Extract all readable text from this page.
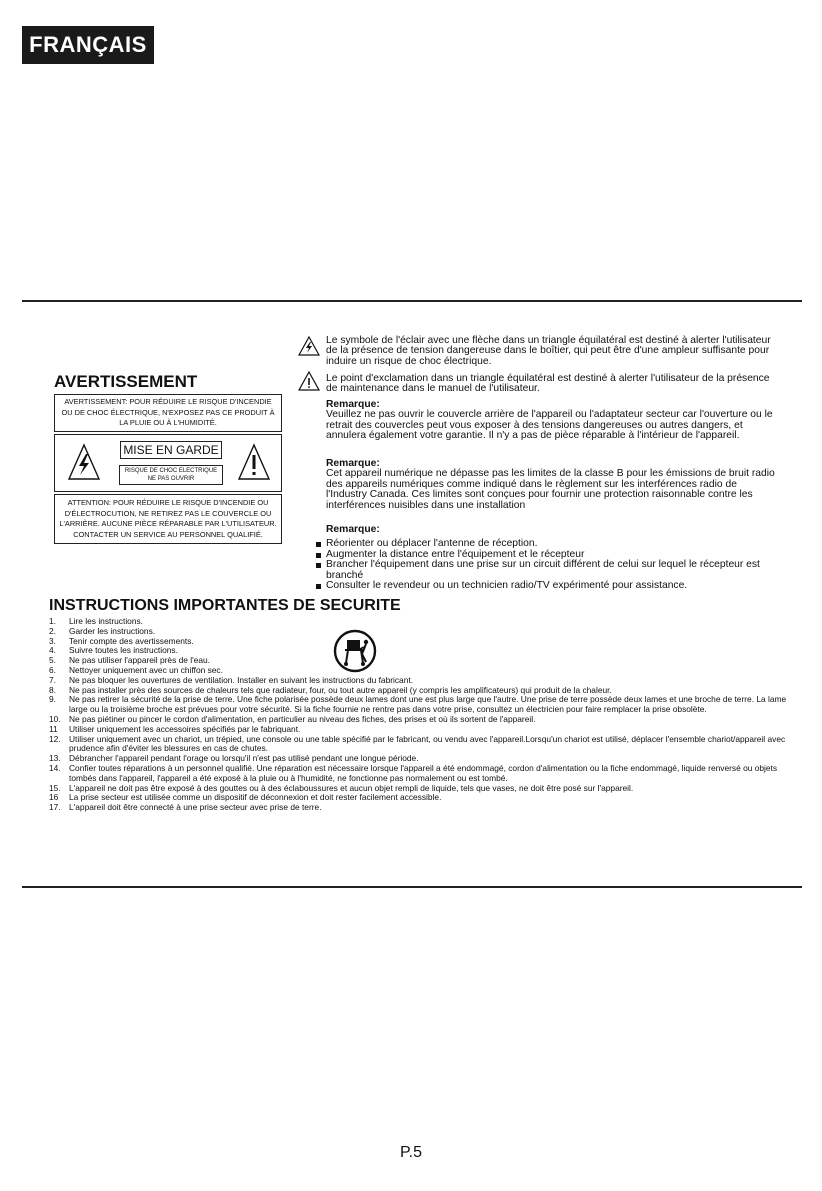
FRANÇAIS
Le symbole de l'éclair avec une flèche dans un triangle équilatéral est destiné à alerter l'utilisateur de la présence de tension dangereuse dans le boîtier, qui peut être d'une ampleur suffisante pour induire un risque de choc électrique.
Le point d'exclamation dans un triangle équilatéral est destiné à alerter l'utilisateur de la présence de maintenance dans le manuel de l'utilisateur.
Remarque:
Veuillez ne pas ouvrir le couvercle arrière de l'appareil ou l'adaptateur secteur car l'ouverture ou le retrait des couvercles peut vous exposer à des tensions dangereuses ou autres dangers, et annulera également votre garantie. Il n'y a pas de pièce réparable à l'intérieur de l'appareil.
Remarque:
Cet appareil numérique ne dépasse pas les limites de la classe B pour les émissions de bruit radio des appareils numériques comme indiqué dans le règlement sur les interférences radio de l'Industry Canada. Ces limites sont conçues pour fournir une protection raisonnable contre les interférences nuisibles dans une installation
Remarque:
Réorienter ou déplacer l'antenne de réception.
Augmenter la distance entre l'équipement et le récepteur
Brancher l'équipement dans une prise sur un circuit différent de celui sur lequel le récepteur est branché
Consulter le revendeur ou un technicien radio/TV expérimenté pour assistance.
AVERTISSEMENT
AVERTISSEMENT: POUR RÉDUIRE LE RISQUE D'INCENDIE OU DE CHOC ÉLECTRIQUE, N'EXPOSEZ PAS CE PRODUIT À LA PLUIE OU À L'HUMIDITÉ.
MISE EN GARDE
RISQUE DE CHOC ELECTRIQUE NE PAS OUVRIR
ATTENTION: POUR RÉDUIRE LE RISQUE D'INCENDIE OU D'ÉLECTROCUTION, NE RETIREZ PAS LE COUVERCLE OU L'ARRIÈRE. AUCUNE PIÈCE RÉPARABLE PAR L'UTILISATEUR. CONTACTER UN SERVICE AU PERSONNEL QUALIFIÉ.
INSTRUCTIONS IMPORTANTES DE SECURITE
1.	Lire les instructions.
2.	Garder les instructions.
3.	Tenir compte des avertissements.
4.	Suivre toutes les instructions.
5.	Ne pas utiliser l'appareil près de l'eau.
6.	Nettoyer uniquement avec un chiffon sec.
7.	Ne pas bloquer les ouvertures de ventilation. Installer en suivant les instructions du fabricant.
8.	Ne pas installer près des sources de chaleurs tels que radiateur, four, ou tout autre appareil (y compris les amplificateurs) qui produit de la chaleur.
9.	Ne pas retirer la sécurité de la prise de terre. Une fiche polarisée possède deux lames dont une est plus large que l'autre. Une prise de terre possède deux lames et une broche de terre. La lame large ou la troisième broche est prévues pour votre sécurité. Si la fiche fournie ne rentre pas dans votre prise, consultez un électricien pour faire remplacer la prise obsolète.
10. Ne pas piétiner ou pincer le cordon d'alimentation, en particulier au niveau des fiches, des prises et où ils sortent de l'appareil.
11	Utiliser uniquement les accessoires spécifiés par le fabriquant.
12. Utiliser uniquement avec un chariot, un trépied, une console ou une table spécifié par le fabricant, ou vendu avec l'appareil.Lorsqu'un chariot est utilisé, déplacer l'ensemble chariot/appareil avec prudence afin d'éviter les blessures en cas de chutes.
13. Débrancher l'appareil pendant l'orage ou lorsqu'il n'est pas utilisé pendant une longue période.
14. Confier toutes réparations à un personnel qualifié. Une réparation est nécessaire lorsque l'appareil a été endommagé, cordon d'alimentation ou la fiche endommagé, liquide renversé ou objets tombés dans l'appareil, l'appareil a été exposé à la pluie ou à l'humidité, ne fonctionne pas normalement ou est tombé.
15. L'appareil ne doit pas être exposé à des gouttes ou à des éclaboussures et aucun objet rempli de liquide, tels que vases, ne doit être posé sur l'appareil.
16	La prise secteur est utilisée comme un dispositif de déconnexion et doit rester facilement accessible.
17. L'appareil doit être connecté à une prise secteur avec prise de terre.
P.5
